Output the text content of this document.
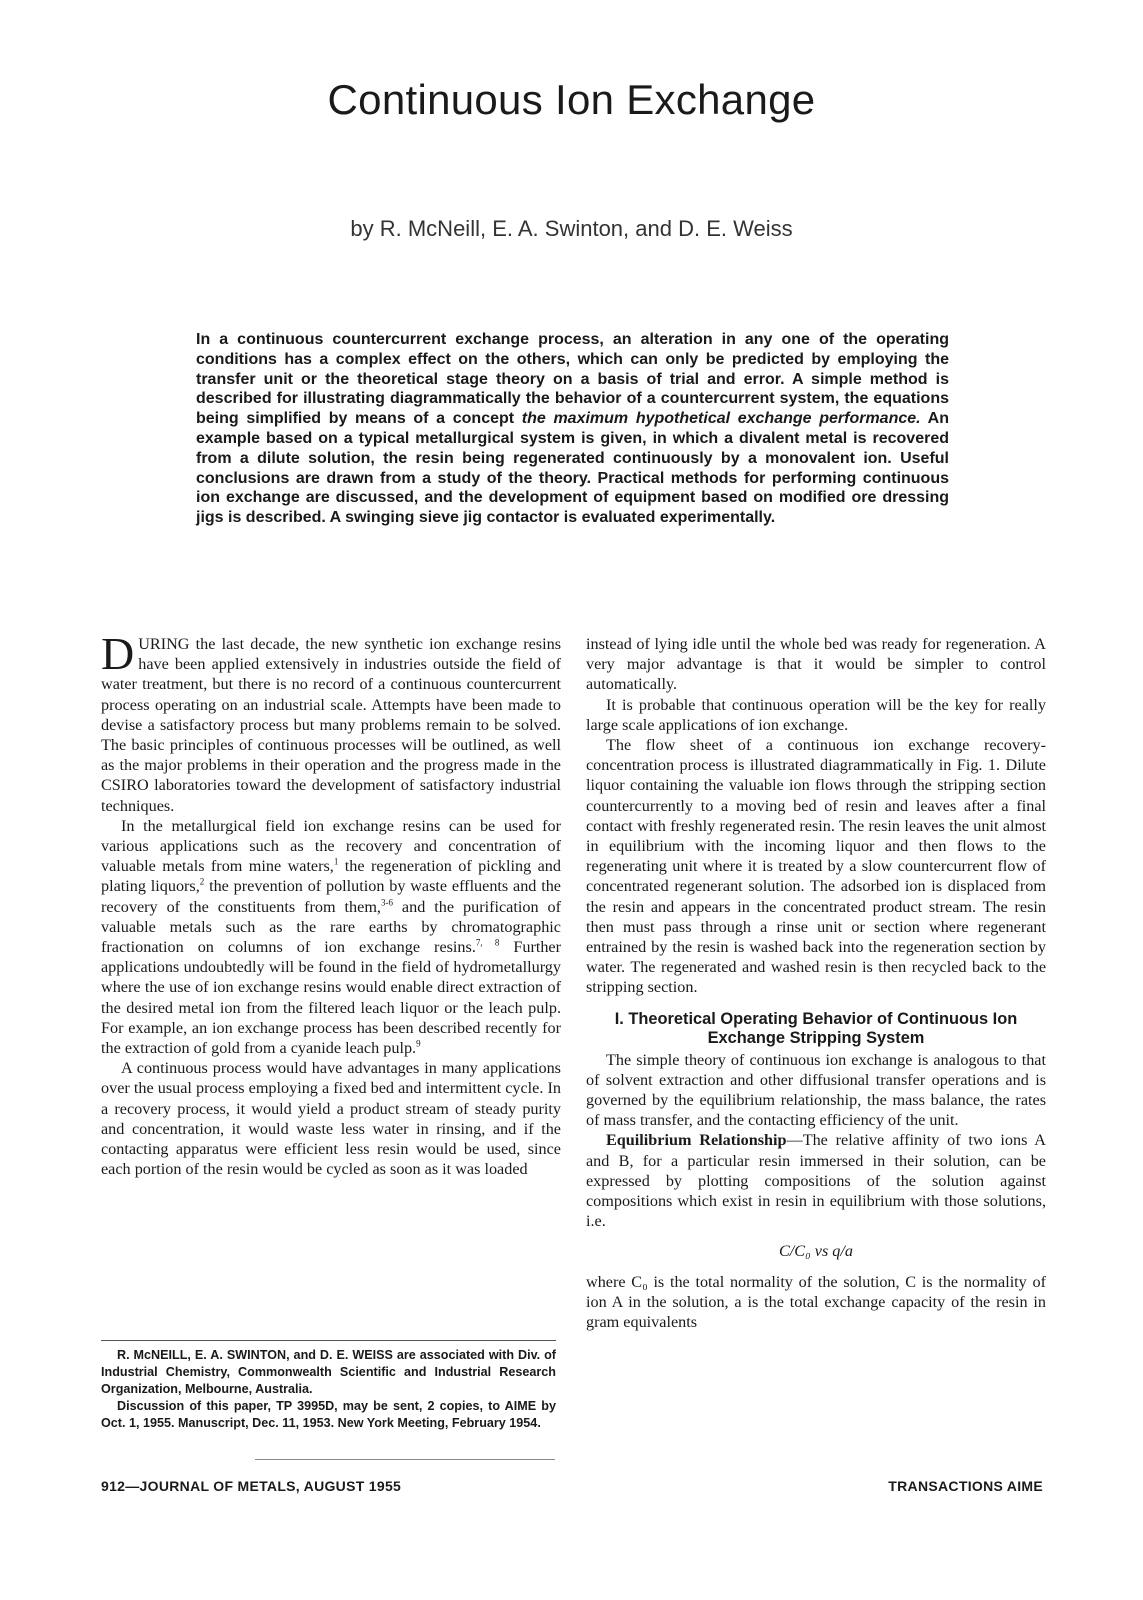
Continuous Ion Exchange
by R. McNeill, E. A. Swinton, and D. E. Weiss

In a continuous countercurrent exchange process, an alteration in any one of the operating conditions has a complex effect on the others, which can only be predicted by employing the transfer unit or the theoretical stage theory on a basis of trial and error. A simple method is described for illustrating diagrammatically the behavior of a countercurrent system, the equations being simplified by means of a concept the maximum hypothetical exchange performance. An example based on a typical metallurgical system is given, in which a divalent metal is recovered from a dilute solution, the resin being regenerated continuously by a monovalent ion. Useful conclusions are drawn from a study of the theory. Practical methods for performing continuous ion exchange are discussed, and the development of equipment based on modified ore dressing jigs is described. A swinging sieve jig contactor is evaluated experimentally.

DURING the last decade, the new synthetic ion exchange resins have been applied extensively in industries outside the field of water treatment, but there is no record of a continuous countercurrent process operating on an industrial scale. Attempts have been made to devise a satisfactory process but many problems remain to be solved. The basic principles of continuous processes will be outlined, as well as the major problems in their operation and the progress made in the CSIRO laboratories toward the development of satisfactory industrial techniques.

In the metallurgical field ion exchange resins can be used for various applications such as the recovery and concentration of valuable metals from mine waters,$^1$ the regeneration of pickling and plating liquors,$^2$ the prevention of pollution by waste effluents and the recovery of the constituents from them,$^{3-6}$ and the purification of valuable metals such as the rare earths by chromatographic fractionation on columns of ion exchange resins.$^{7, 8}$ Further applications undoubtedly will be found in the field of hydrometallurgy where the use of ion exchange resins would enable direct extraction of the desired metal ion from the filtered leach liquor or the leach pulp. For example, an ion exchange process has been described recently for the extraction of gold from a cyanide leach pulp.$^9$

A continuous process would have advantages in many applications over the usual process employing a fixed bed and intermittent cycle. In a recovery process, it would yield a product stream of steady purity and concentration, it would waste less water in rinsing, and if the contacting apparatus were efficient less resin would be used, since each portion of the resin would be cycled as soon as it was loaded

R. McNEILL, E. A. SWINTON, and D. E. WEISS are associated with Div. of Industrial Chemistry, Commonwealth Scientific and Industrial Research Organization, Melbourne, Australia.

Discussion of this paper, TP 3995D, may be sent, 2 copies, to AIME by Oct. 1, 1955. Manuscript, Dec. 11, 1953. New York Meeting, February 1954.

instead of lying idle until the whole bed was ready for regeneration. A very major advantage is that it would be simpler to control automatically.

It is probable that continuous operation will be the key for really large scale applications of ion exchange.

The flow sheet of a continuous ion exchange recovery-concentration process is illustrated diagrammatically in Fig. 1. Dilute liquor containing the valuable ion flows through the stripping section countercurrently to a moving bed of resin and leaves after a final contact with freshly regenerated resin. The resin leaves the unit almost in equilibrium with the incoming liquor and then flows to the regenerating unit where it is treated by a slow countercurrent flow of concentrated regenerant solution. The adsorbed ion is displaced from the resin and appears in the concentrated product stream. The resin then must pass through a rinse unit or section where regenerant entrained by the resin is washed back into the regeneration section by water. The regenerated and washed resin is then recycled back to the stripping section.

I. Theoretical Operating Behavior of Continuous Ion
Exchange Stripping System

The simple theory of continuous ion exchange is analogous to that of solvent extraction and other diffusional transfer operations and is governed by the equilibrium relationship, the mass balance, the rates of mass transfer, and the contacting efficiency of the unit.

Equilibrium Relationship—The relative affinity of two ions A and B, for a particular resin immersed in their solution, can be expressed by plotting compositions of the solution against compositions which exist in resin in equilibrium with those solutions, i.e.

C/C₀ vs q/a

where C₀ is the total normality of the solution, C is the normality of ion A in the solution, a is the total exchange capacity of the resin in gram equivalents

912—JOURNAL OF METALS, AUGUST 1955	TRANSACTIONS AIME
